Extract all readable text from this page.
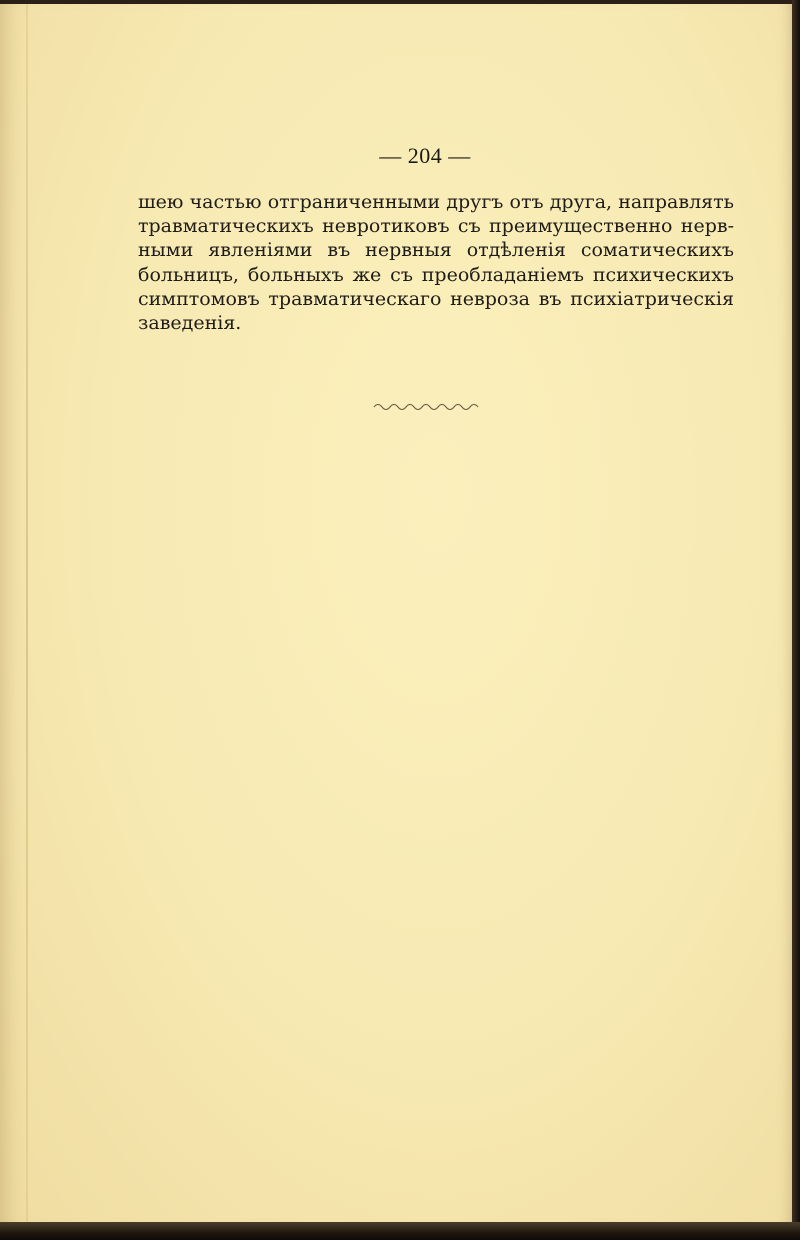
— 204 —
шею частью отграниченными другъ отъ друга, направлять
травматическихъ невротиковъ съ преимущественно нерв-
ными явленіями въ нервныя отдѣленія соматическихъ
больницъ, больныхъ же съ преобладаніемъ психическихъ
симптомовъ травматическаго невроза въ психіатрическія
заведенія.
